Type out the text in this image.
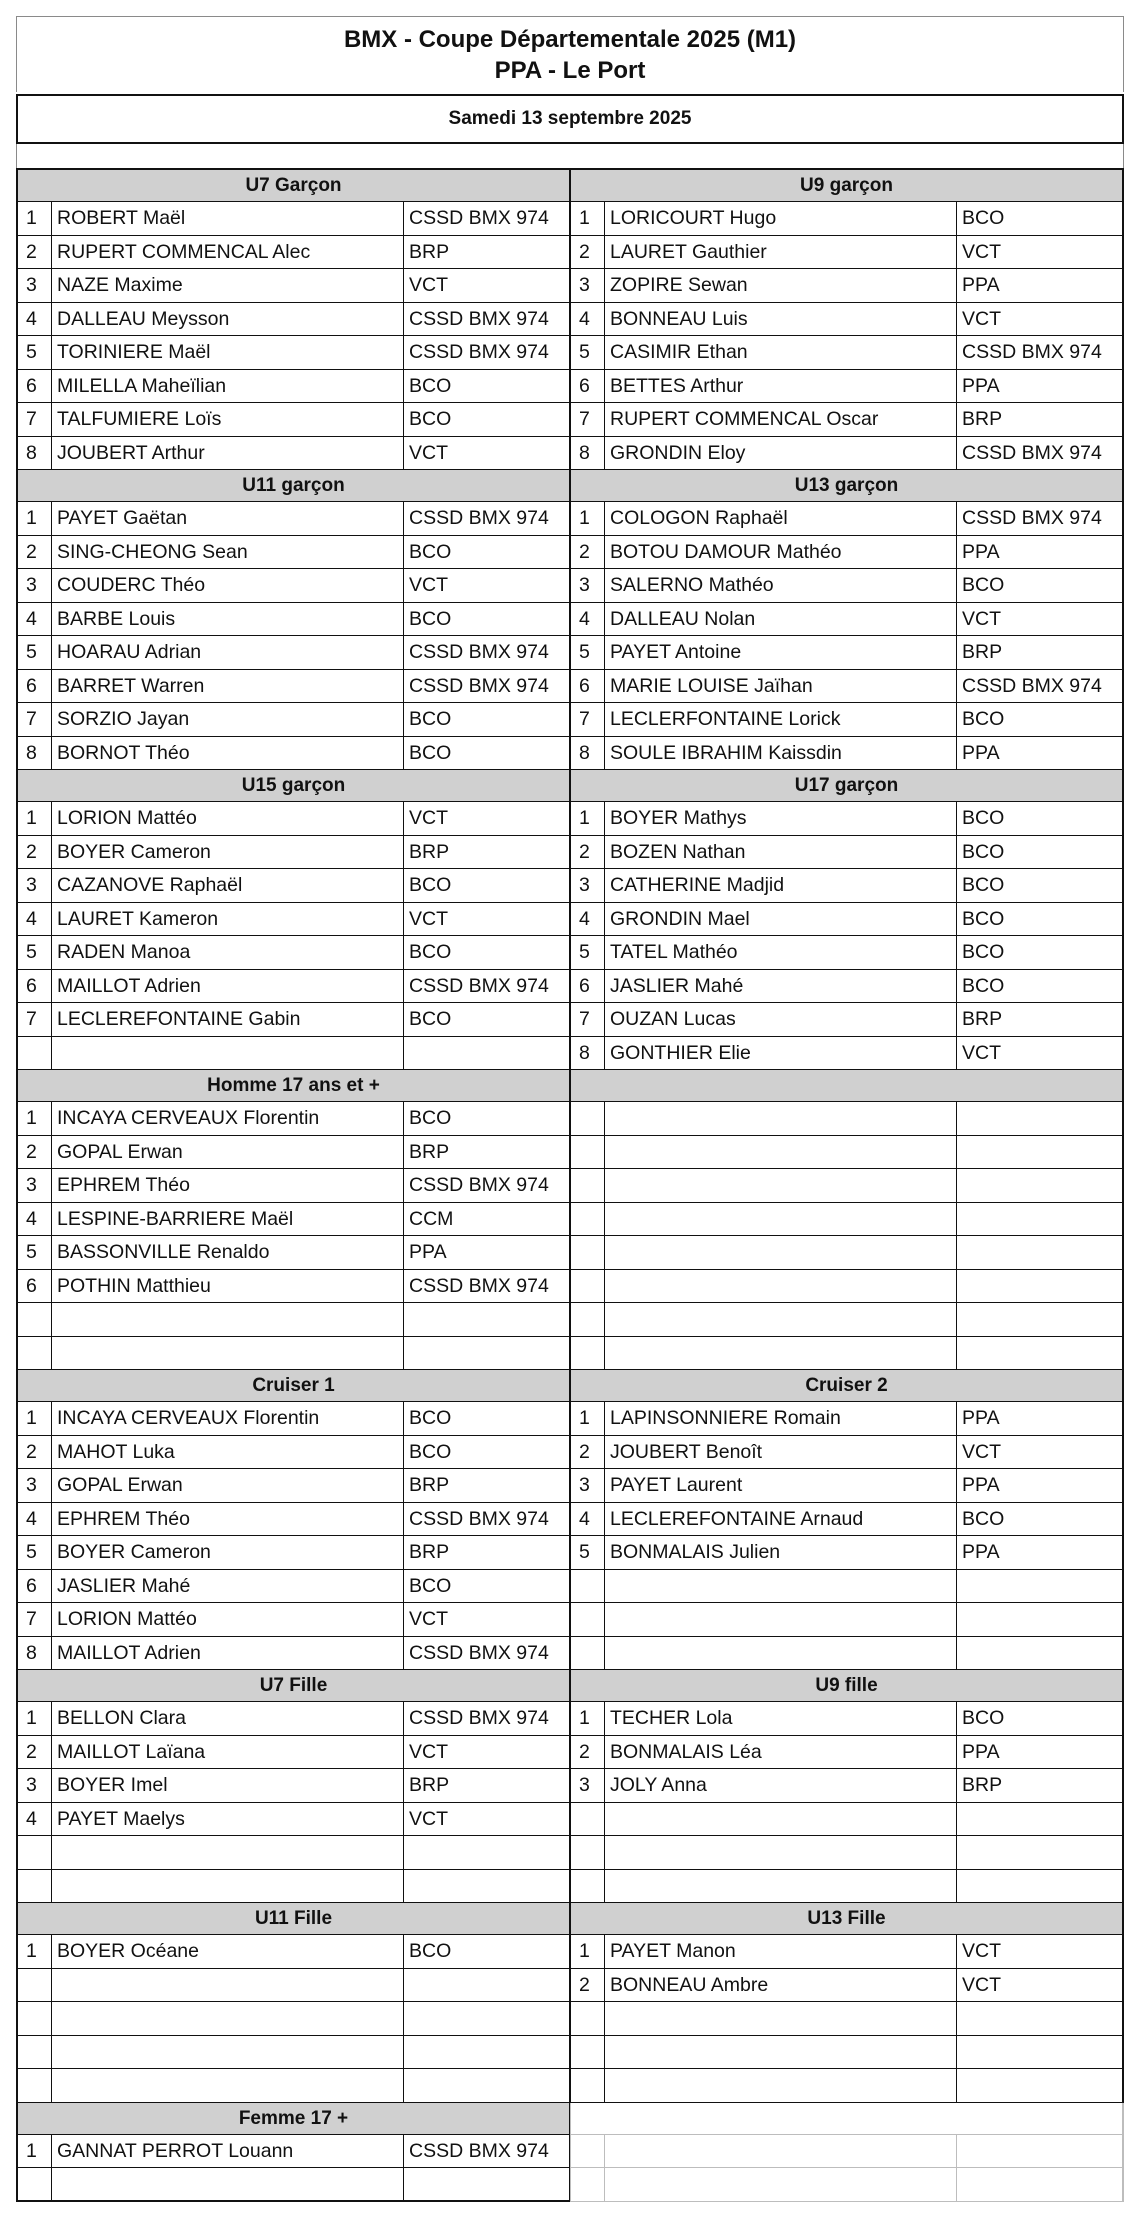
BMX - Coupe Départementale 2025 (M1)
PPA - Le Port
Samedi 13 septembre 2025
U7 Garçon
1	ROBERT Maël	CSSD BMX 974
2	RUPERT COMMENCAL Alec	BRP
3	NAZE Maxime	VCT
4	DALLEAU Meysson	CSSD BMX 974
5	TORINIERE Maël	CSSD BMX 974
6	MILELLA Maheïlian	BCO
7	TALFUMIERE Loïs	BCO
8	JOUBERT Arthur	VCT
U9 garçon
1	LORICOURT Hugo	BCO
2	LAURET Gauthier	VCT
3	ZOPIRE Sewan	PPA
4	BONNEAU Luis	VCT
5	CASIMIR Ethan	CSSD BMX 974
6	BETTES Arthur	PPA
7	RUPERT COMMENCAL Oscar	BRP
8	GRONDIN Eloy	CSSD BMX 974
U11 garçon
1	PAYET Gaëtan	CSSD BMX 974
2	SING-CHEONG Sean	BCO
3	COUDERC Théo	VCT
4	BARBE Louis	BCO
5	HOARAU Adrian	CSSD BMX 974
6	BARRET Warren	CSSD BMX 974
7	SORZIO Jayan	BCO
8	BORNOT Théo	BCO
U13 garçon
1	COLOGON Raphaël	CSSD BMX 974
2	BOTOU DAMOUR Mathéo	PPA
3	SALERNO Mathéo	BCO
4	DALLEAU Nolan	VCT
5	PAYET Antoine	BRP
6	MARIE LOUISE Jaïhan	CSSD BMX 974
7	LECLERFONTAINE Lorick	BCO
8	SOULE IBRAHIM Kaissdin	PPA
U15 garçon
1	LORION Mattéo	VCT
2	BOYER Cameron	BRP
3	CAZANOVE Raphaël	BCO
4	LAURET Kameron	VCT
5	RADEN Manoa	BCO
6	MAILLOT Adrien	CSSD BMX 974
7	LECLEREFONTAINE Gabin	BCO
U17 garçon
1	BOYER Mathys	BCO
2	BOZEN Nathan	BCO
3	CATHERINE Madjid	BCO
4	GRONDIN Mael	BCO
5	TATEL Mathéo	BCO
6	JASLIER Mahé	BCO
7	OUZAN Lucas	BRP
8	GONTHIER Elie	VCT
Homme 17 ans et +
1	INCAYA CERVEAUX Florentin	BCO
2	GOPAL Erwan	BRP
3	EPHREM Théo	CSSD BMX 974
4	LESPINE-BARRIERE Maël	CCM
5	BASSONVILLE Renaldo	PPA
6	POTHIN Matthieu	CSSD BMX 974
Cruiser 1
1	INCAYA CERVEAUX Florentin	BCO
2	MAHOT Luka	BCO
3	GOPAL Erwan	BRP
4	EPHREM Théo	CSSD BMX 974
5	BOYER Cameron	BRP
6	JASLIER Mahé	BCO
7	LORION Mattéo	VCT
8	MAILLOT Adrien	CSSD BMX 974
Cruiser 2
1	LAPINSONNIERE Romain	PPA
2	JOUBERT Benoît	VCT
3	PAYET Laurent	PPA
4	LECLEREFONTAINE Arnaud	BCO
5	BONMALAIS Julien	PPA
U7 Fille
1	BELLON Clara	CSSD BMX 974
2	MAILLOT Laïana	VCT
3	BOYER Imel	BRP
4	PAYET Maelys	VCT
U9 fille
1	TECHER Lola	BCO
2	BONMALAIS Léa	PPA
3	JOLY Anna	BRP
U11 Fille
1	BOYER Océane	BCO
U13 Fille
1	PAYET Manon	VCT
2	BONNEAU Ambre	VCT
Femme 17 +
1	GANNAT PERROT Louann	CSSD BMX 974
